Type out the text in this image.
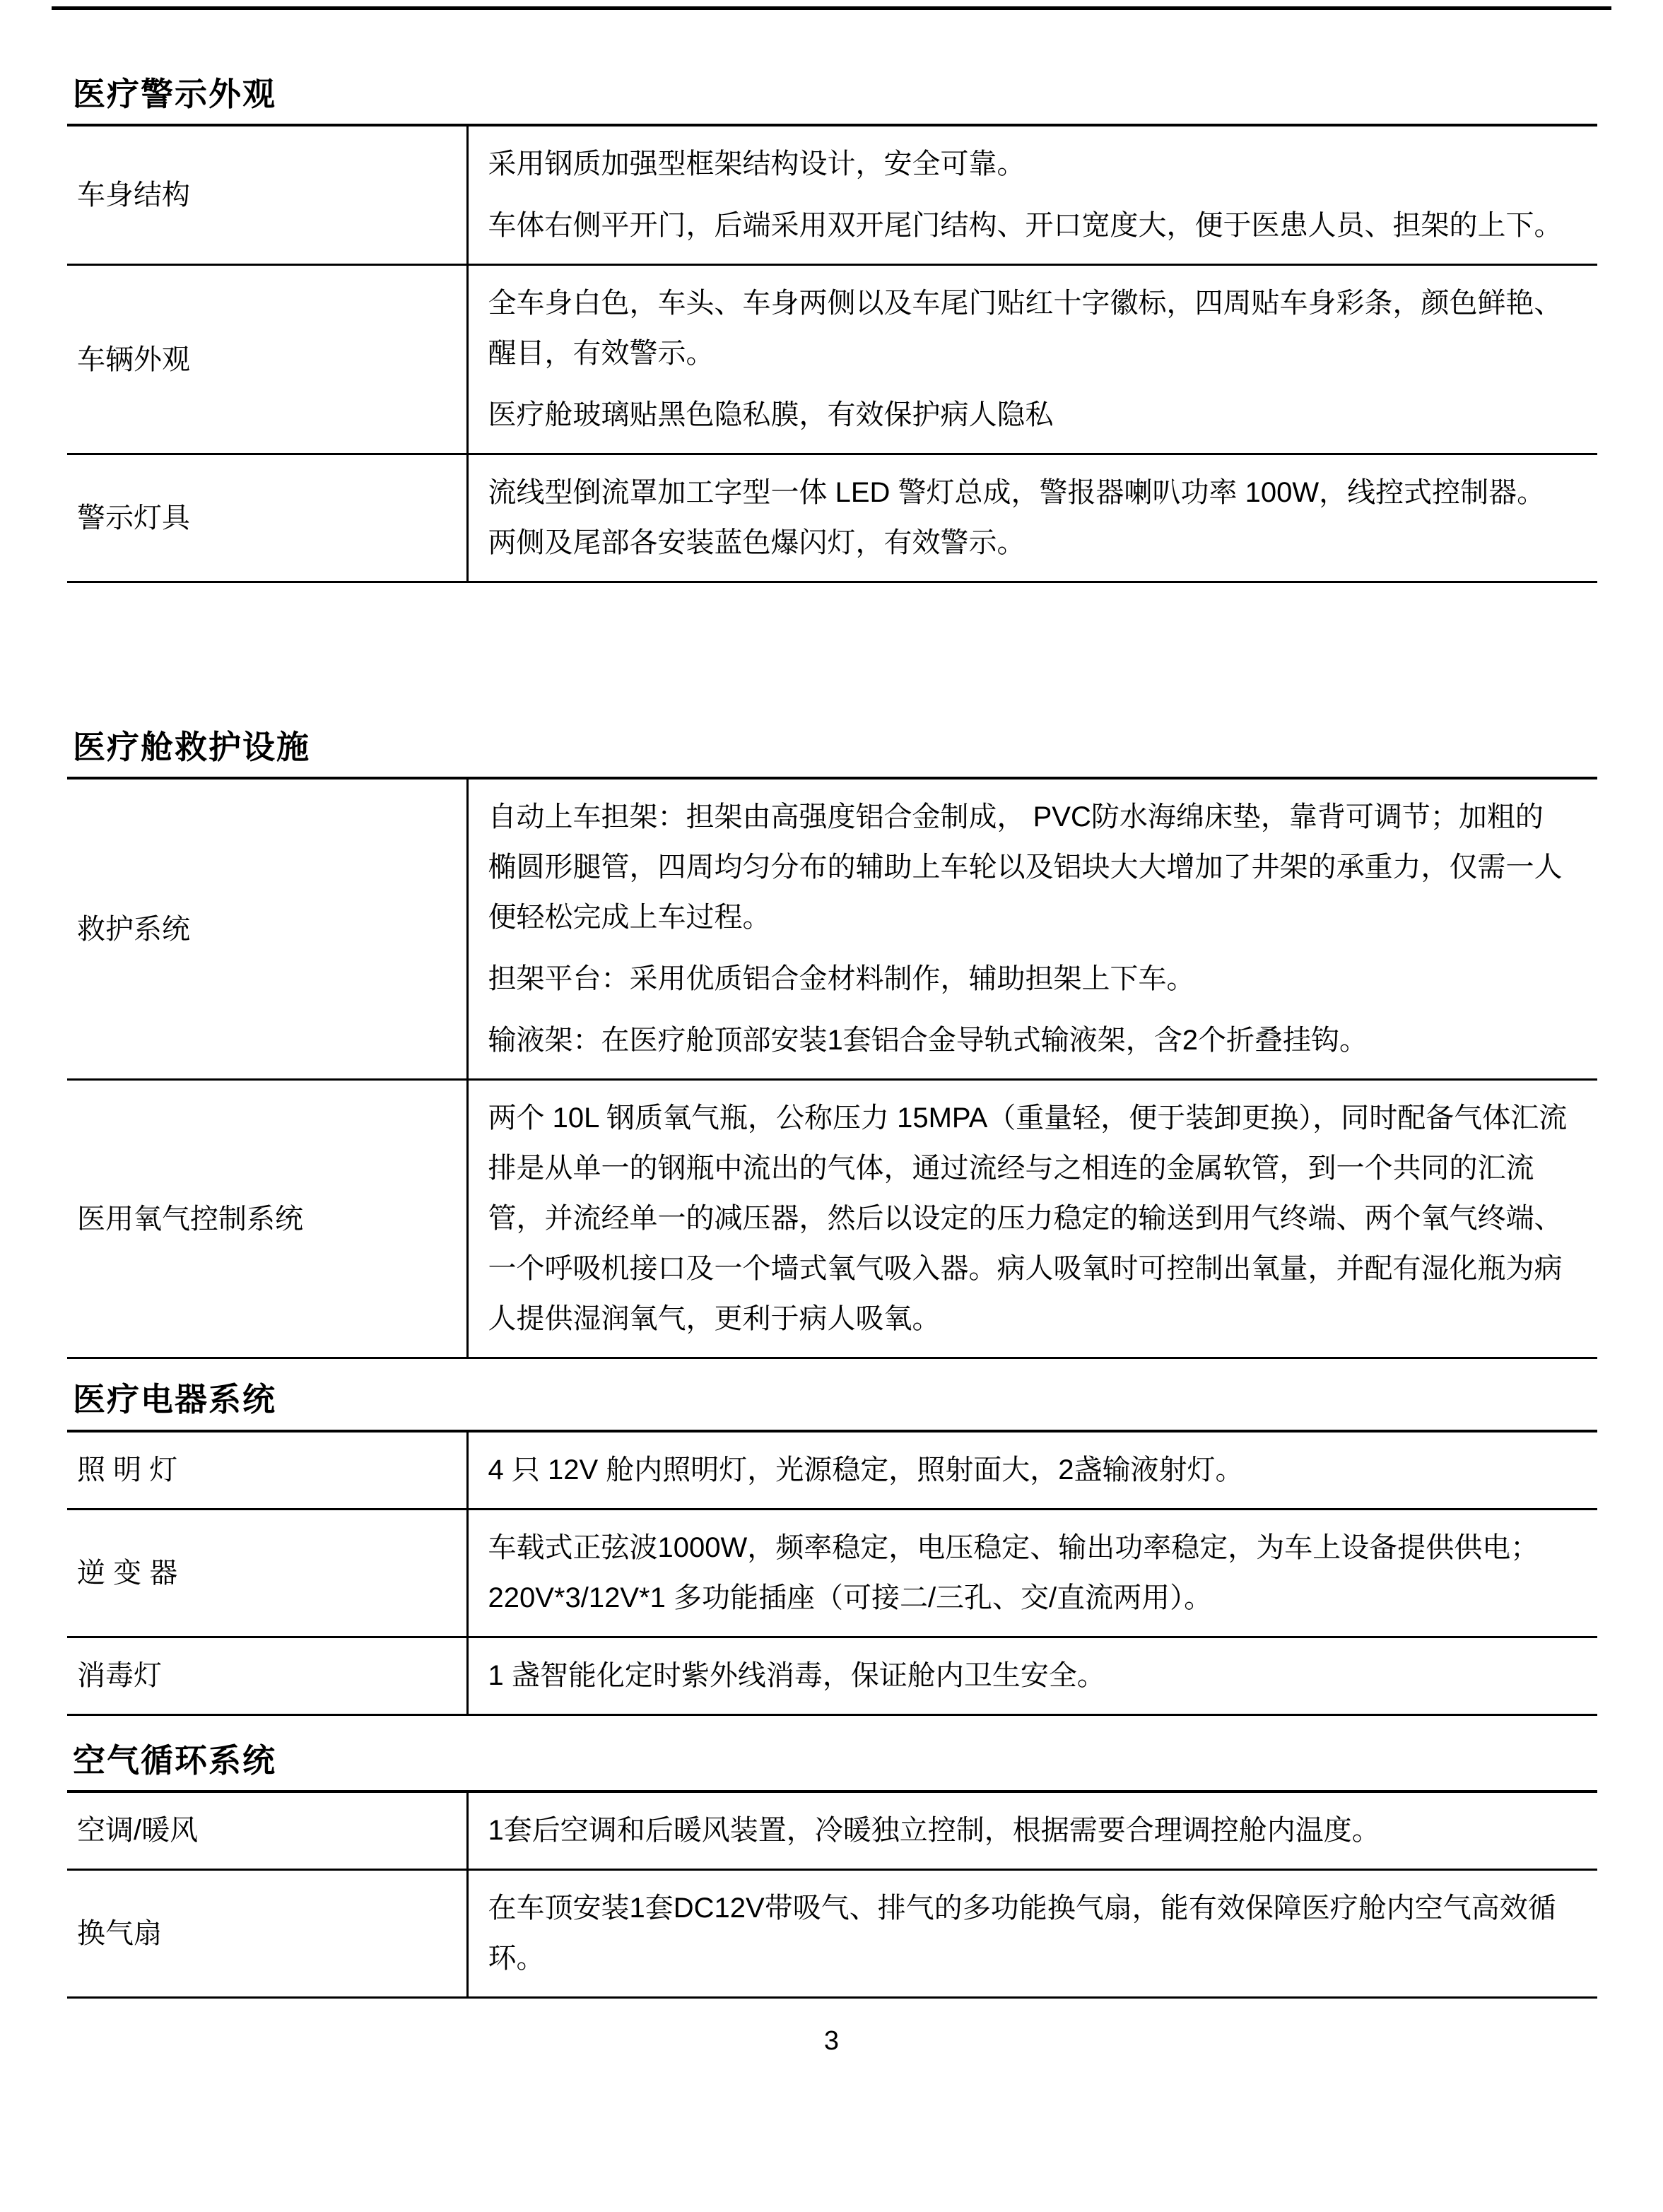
医疗警示外观
车身结构	采用钢质加强型框架结构设计，安全可靠。

车体右侧平开门，后端采用双开尾门结构、开口宽度大，便于医患人员、担架的上下。

车辆外观	全车身白色，车头、车身两侧以及车尾门贴红十字徽标，四周贴车身彩条，颜色鲜艳、醒目，有效警示。

医疗舱玻璃贴黑色隐私膜，有效保护病人隐私

警示灯具	流线型倒流罩加工字型一体 LED 警灯总成，警报器喇叭功率 100W，线控式控制器。两侧及尾部各安装蓝色爆闪灯，有效警示。

医疗舱救护设施
救护系统	自动上车担架：担架由高强度铝合金制成， PVC防水海绵床垫，靠背可调节；加粗的椭圆形腿管，四周均匀分布的辅助上车轮以及铝块大大增加了井架的承重力，仅需一人便轻松完成上车过程。

担架平台：采用优质铝合金材料制作，辅助担架上下车。

输液架：在医疗舱顶部安装1套铝合金导轨式输液架，含2个折叠挂钩。

医用氧气控制系统	两个 10L 钢质氧气瓶，公称压力 15MPA（重量轻，便于装卸更换），同时配备气体汇流排是从单一的钢瓶中流出的气体，通过流经与之相连的金属软管，到一个共同的汇流管，并流经单一的减压器，然后以设定的压力稳定的输送到用气终端、两个氧气终端、一个呼吸机接口及一个墙式氧气吸入器。病人吸氧时可控制出氧量，并配有湿化瓶为病人提供湿润氧气，更利于病人吸氧。

医疗电器系统
照 明 灯	4 只 12V 舱内照明灯，光源稳定，照射面大，2盏输液射灯。

逆 变 器	车载式正弦波1000W，频率稳定，电压稳定、输出功率稳定，为车上设备提供供电；220V*3/12V*1 多功能插座（可接二/三孔、交/直流两用）。

消毒灯	1 盏智能化定时紫外线消毒，保证舱内卫生安全。

空气循环系统
空调/暖风	1套后空调和后暖风装置，冷暖独立控制，根据需要合理调控舱内温度。

换气扇	在车顶安装1套DC12V带吸气、排气的多功能换气扇，能有效保障医疗舱内空气高效循环。

3
